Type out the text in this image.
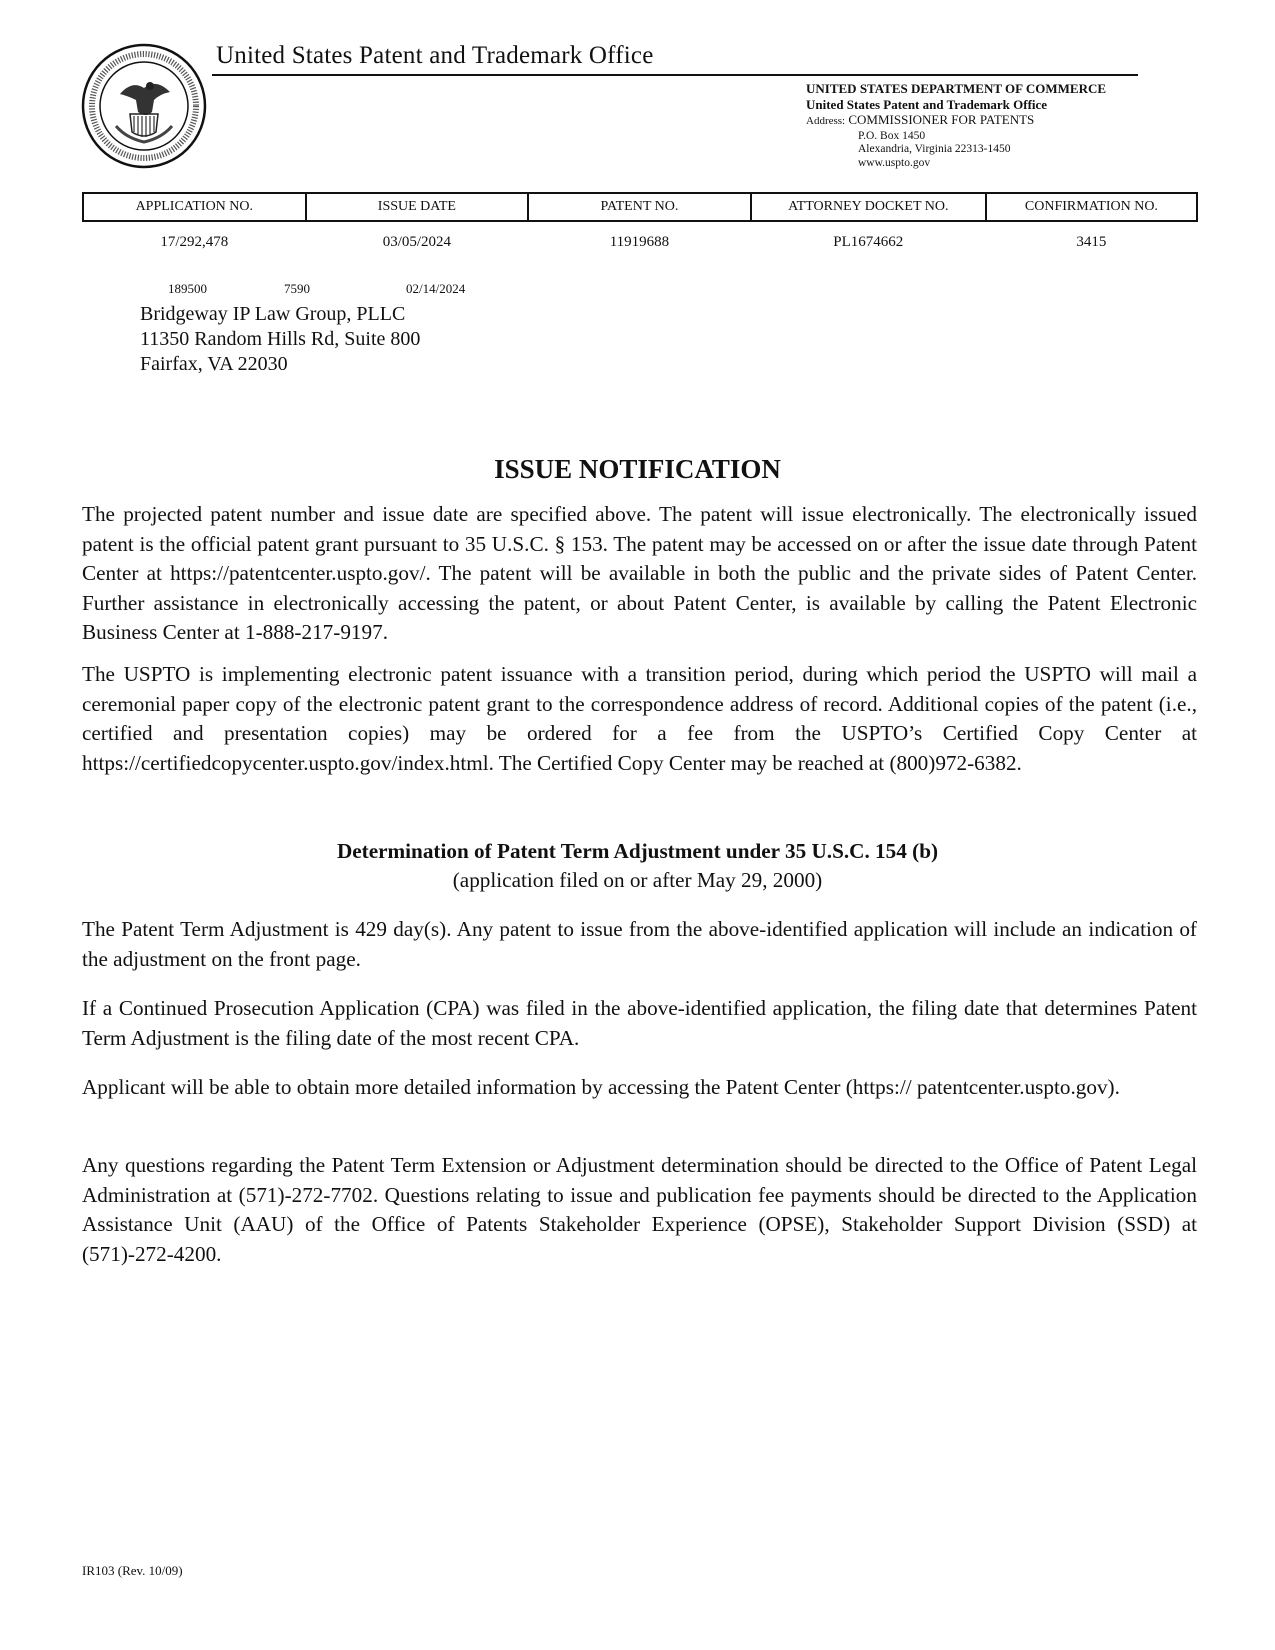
United States Patent and Trademark Office
UNITED STATES DEPARTMENT OF COMMERCE
United States Patent and Trademark Office
Address: COMMISSIONER FOR PATENTS
P.O. Box 1450
Alexandria, Virginia 22313-1450
www.uspto.gov
APPLICATION NO.	ISSUE DATE	PATENT NO.	ATTORNEY DOCKET NO.	CONFIRMATION NO.
17/292,478	03/05/2024	11919688	PL1674662	3415
189500	7590	02/14/2024
Bridgeway IP Law Group, PLLC
11350 Random Hills Rd, Suite 800
Fairfax, VA 22030
ISSUE NOTIFICATION

The projected patent number and issue date are specified above. The patent will issue electronically. The electronically issued patent is the official patent grant pursuant to 35 U.S.C. § 153. The patent may be accessed on or after the issue date through Patent Center at https://patentcenter.uspto.gov/. The patent will be available in both the public and the private sides of Patent Center. Further assistance in electronically accessing the patent, or about Patent Center, is available by calling the Patent Electronic Business Center at 1-888-217-9197.

The USPTO is implementing electronic patent issuance with a transition period, during which period the USPTO will mail a ceremonial paper copy of the electronic patent grant to the correspondence address of record. Additional copies of the patent (i.e., certified and presentation copies) may be ordered for a fee from the USPTO’s Certified Copy Center at https://certifiedcopycenter.uspto.gov/index.html. The Certified Copy Center may be reached at (800)972-6382.

Determination of Patent Term Adjustment under 35 U.S.C. 154 (b)
(application filed on or after May 29, 2000)

The Patent Term Adjustment is 429 day(s). Any patent to issue from the above-identified application will include an indication of the adjustment on the front page.

If a Continued Prosecution Application (CPA) was filed in the above-identified application, the filing date that determines Patent Term Adjustment is the filing date of the most recent CPA.

Applicant will be able to obtain more detailed information by accessing the Patent Center (https:// patentcenter.uspto.gov).

Any questions regarding the Patent Term Extension or Adjustment determination should be directed to the Office of Patent Legal Administration at (571)-272-7702. Questions relating to issue and publication fee payments should be directed to the Application Assistance Unit (AAU) of the Office of Patents Stakeholder Experience (OPSE), Stakeholder Support Division (SSD) at (571)-272-4200.

IR103 (Rev. 10/09)
